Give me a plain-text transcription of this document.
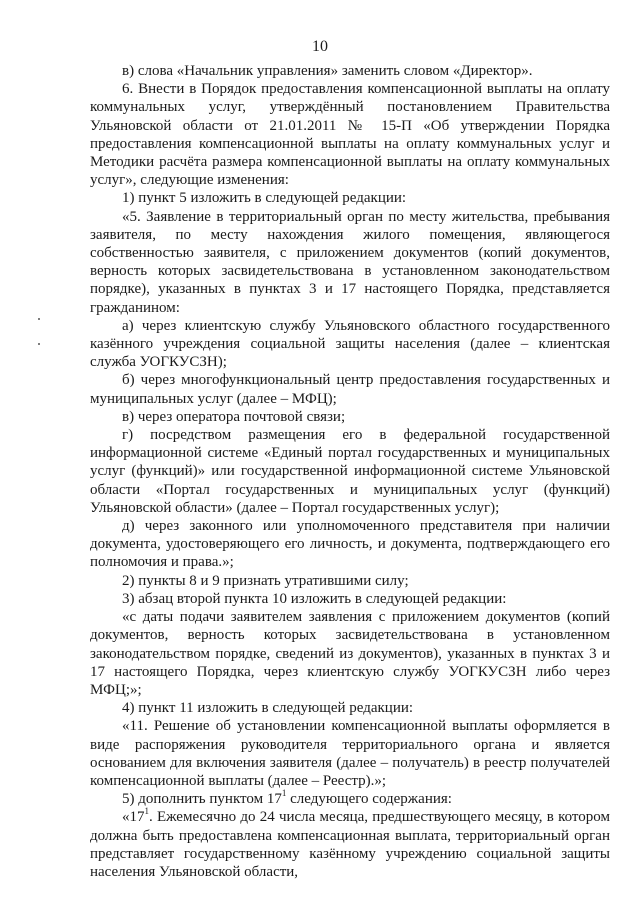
10

в) слова «Начальник управления» заменить словом «Директор».

6. Внести в Порядок предоставления компенсационной выплаты на оплату коммунальных услуг, утверждённый постановлением Правительства Ульяновской области от 21.01.2011 № 15-П «Об утверждении Порядка предоставления компенсационной выплаты на оплату коммунальных услуг и Методики расчёта размера компенсационной выплаты на оплату коммунальных услуг», следующие изменения:

1) пункт 5 изложить в следующей редакции:

«5. Заявление в территориальный орган по месту жительства, пребывания заявителя, по месту нахождения жилого помещения, являющегося собственностью заявителя, с приложением документов (копий документов, верность которых засвидетельствована в установленном законодательством порядке), указанных в пунктах 3 и 17 настоящего Порядка, представляется гражданином:

а) через клиентскую службу Ульяновского областного государственного казённого учреждения социальной защиты населения (далее – клиентская служба УОГКУСЗН);

б) через многофункциональный центр предоставления государственных и муниципальных услуг (далее – МФЦ);

в) через оператора почтовой связи;

г) посредством размещения его в федеральной государственной информационной системе «Единый портал государственных и муниципальных услуг (функций)» или государственной информационной системе Ульяновской области «Портал государственных и муниципальных услуг (функций) Ульяновской области» (далее – Портал государственных услуг);

д) через законного или уполномоченного представителя при наличии документа, удостоверяющего его личность, и документа, подтверждающего его полномочия и права.»;

2) пункты 8 и 9 признать утратившими силу;

3) абзац второй пункта 10 изложить в следующей редакции:

«с даты подачи заявителем заявления с приложением документов (копий документов, верность которых засвидетельствована в установленном законодательством порядке, сведений из документов), указанных в пунктах 3 и 17 настоящего Порядка, через клиентскую службу УОГКУСЗН либо через МФЦ;»;

4) пункт 11 изложить в следующей редакции:

«11. Решение об установлении компенсационной выплаты оформляется в виде распоряжения руководителя территориального органа и является основанием для включения заявителя (далее – получатель) в реестр получателей компенсационной выплаты (далее – Реестр).»;

5) дополнить пунктом $17^1$ следующего содержания:

«$17^1$. Ежемесячно до 24 числа месяца, предшествующего месяцу, в котором должна быть предоставлена компенсационная выплата, территориальный орган представляет государственному казённому учреждению социальной защиты населения Ульяновской области,
